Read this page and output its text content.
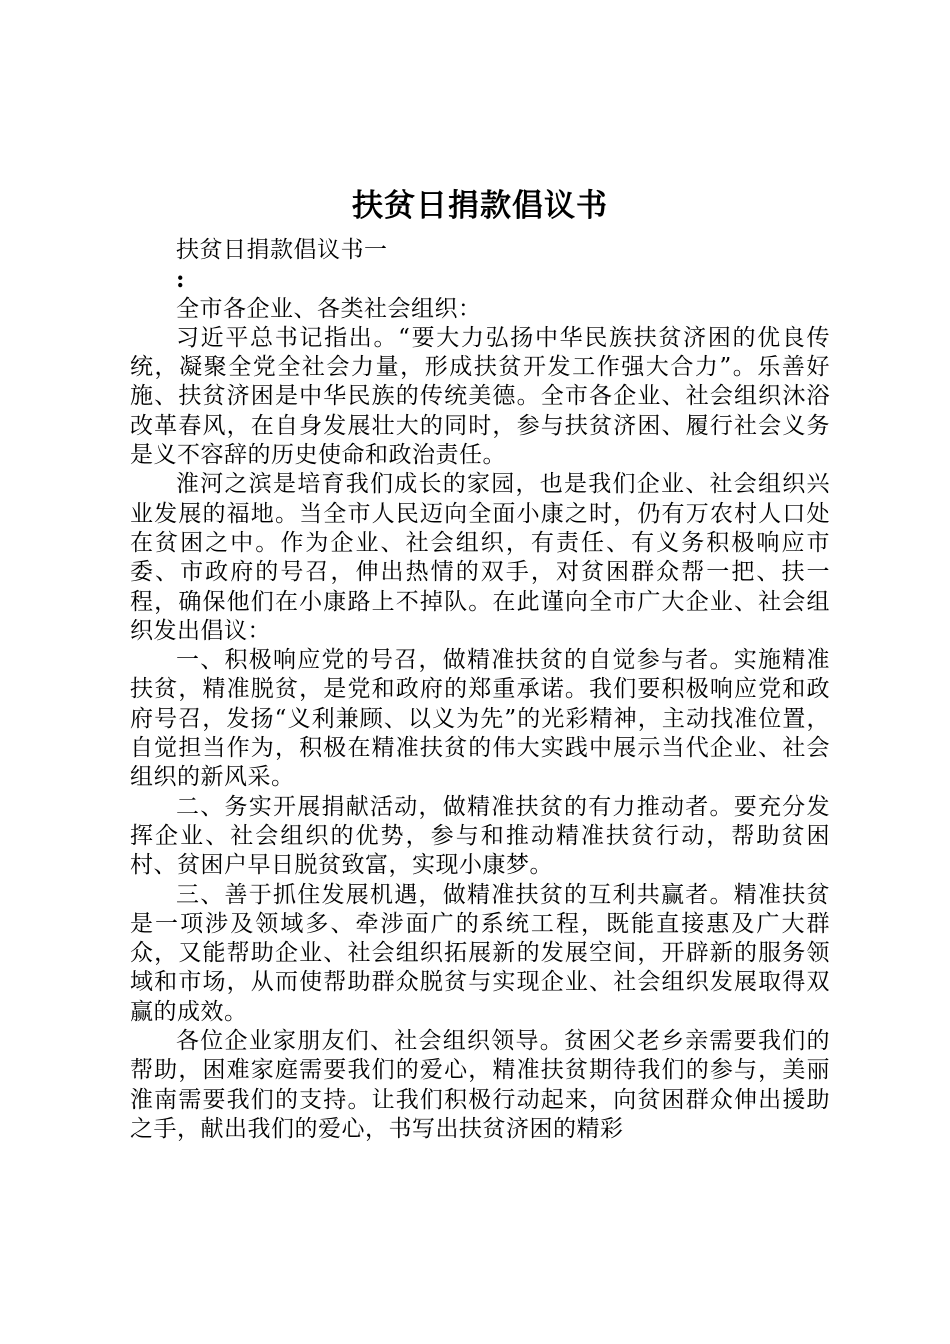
扶贫日捐款倡议书

扶贫日捐款倡议书一

:

全市各企业、各类社会组织：

习近平总书记指出。“要大力弘扬中华民族扶贫济困的优良传统，凝聚全党全社会力量，形成扶贫开发工作强大合力”。乐善好施、扶贫济困是中华民族的传统美德。全市各企业、社会组织沐浴改革春风，在自身发展壮大的同时，参与扶贫济困、履行社会义务是义不容辞的历史使命和政治责任。

淮河之滨是培育我们成长的家园，也是我们企业、社会组织兴业发展的福地。当全市人民迈向全面小康之时，仍有万农村人口处在贫困之中。作为企业、社会组织，有责任、有义务积极响应市委、市政府的号召，伸出热情的双手，对贫困群众帮一把、扶一程，确保他们在小康路上不掉队。在此谨向全市广大企业、社会组织发出倡议：

一、积极响应党的号召，做精准扶贫的自觉参与者。实施精准扶贫，精准脱贫，是党和政府的郑重承诺。我们要积极响应党和政府号召，发扬“义利兼顾、以义为先”的光彩精神，主动找准位置，自觉担当作为，积极在精准扶贫的伟大实践中展示当代企业、社会组织的新风采。

二、务实开展捐献活动，做精准扶贫的有力推动者。要充分发挥企业、社会组织的优势，参与和推动精准扶贫行动，帮助贫困村、贫困户早日脱贫致富，实现小康梦。

三、善于抓住发展机遇，做精准扶贫的互利共赢者。精准扶贫是一项涉及领域多、牵涉面广的系统工程，既能直接惠及广大群众，又能帮助企业、社会组织拓展新的发展空间，开辟新的服务领域和市场，从而使帮助群众脱贫与实现企业、社会组织发展取得双赢的成效。

各位企业家朋友们、社会组织领导。贫困父老乡亲需要我们的帮助，困难家庭需要我们的爱心，精准扶贫期待我们的参与，美丽淮南需要我们的支持。让我们积极行动起来，向贫困群众伸出援助之手，献出我们的爱心，书写出扶贫济困的精彩
